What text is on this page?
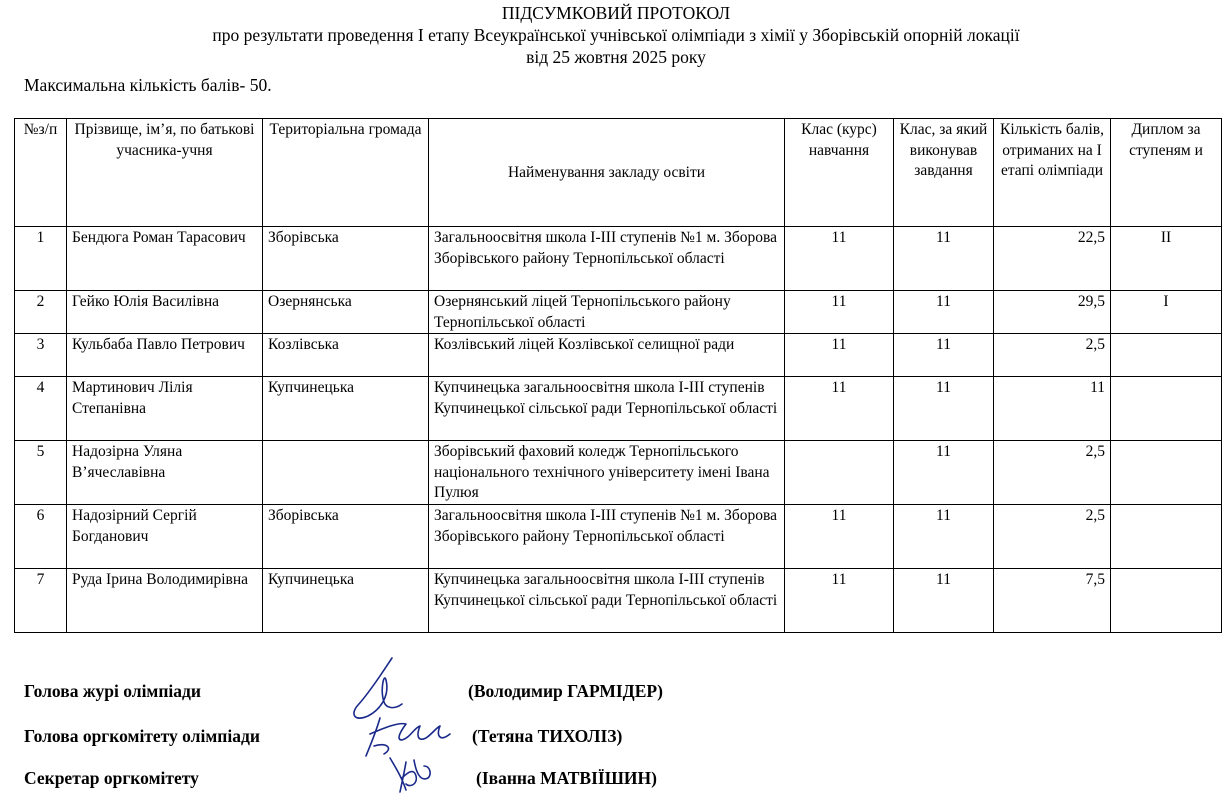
ПІДСУМКОВИЙ ПРОТОКОЛ
про результати проведення І етапу Всеукраїнської учнівської олімпіади з хімії у Зборівській опорній локації
від 25 жовтня 2025 року
Максимальна кількість балів- 50.
№з/п	Прізвище, ім’я, по батькові учасника-учня	Територіальна громада	Найменування закладу освіти	Клас (курс) навчання	Клас, за який виконував завдання	Кількість балів, отриманих на І етапі олімпіади	Диплом за ступеням и
1	Бендюга Роман Тарасович	Зборівська	Загальноосвітня школа І-ІІІ ступенів №1 м. Зборова Зборівського району Тернопільської області	11	11	22,5	ІІ
2	Гейко Юлія Василівна	Озернянська	Озернянський ліцей Тернопільського району Тернопільської області	11	11	29,5	І
3	Кульбаба Павло Петрович	Козлівська	Козлівський ліцей Козлівської селищної ради	11	11	2,5	
4	Мартинович Лілія Степанівна	Купчинецька	Купчинецька загальноосвітня школа І-ІІІ ступенів Купчинецької сільської ради Тернопільської області	11	11	11	
5	Надозірна Уляна В’ячеславівна		Зборівський фаховий коледж Тернопільського національного технічного університету імені Івана Пулюя		11	2,5	
6	Надозірний Сергій Богданович	Зборівська	Загальноосвітня школа І-ІІІ ступенів №1 м. Зборова Зборівського району Тернопільської області	11	11	2,5	
7	Руда Ірина Володимирівна	Купчинецька	Купчинецька загальноосвітня школа І-ІІІ ступенів Купчинецької сільської ради Тернопільської області	11	11	7,5	
Голова журі олімпіади	(Володимир ГАРМІДЕР)
Голова оргкомітету олімпіади	(Тетяна ТИХОЛІЗ)
Секретар оргкомітету	(Іванна МАТВІЇШИН)
